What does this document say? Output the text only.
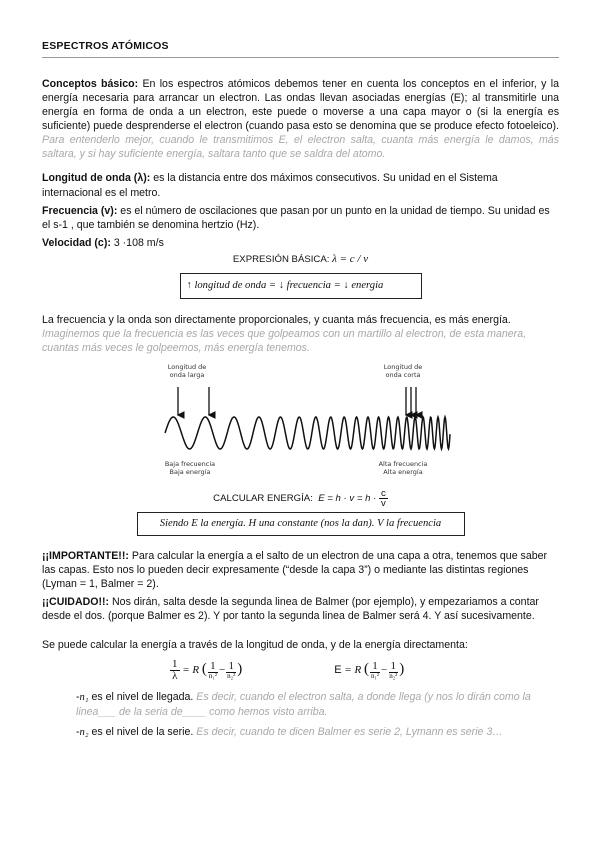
ESPECTROS ATÓMICOS

Conceptos básico: En los espectros atómicos debemos tener en cuenta los conceptos en el inferior, y la energía necesaria para arrancar un electron. Las ondas llevan asociadas energías (E); al transmitirle una energía en forma de onda a un electron, este puede o moverse a una capa mayor o (si la energía es suficiente) puede desprenderse el electron (cuando pasa esto se denomina que se produce efecto fotoeleico). Para entenderlo mejor, cuando le transmitimos E, el electron salta, cuanta más energía le damos, más saltara, y si hay suficiente energía, saltara tanto que se saldra del atomo.

Longitud de onda (λ): es la distancia entre dos máximos consecutivos. Su unidad en el Sistema internacional es el metro.

Frecuencia (v): es el número de oscilaciones que pasan por un punto en la unidad de tiempo. Su unidad es el s-1 , que también se denomina hertzio (Hz).

Velocidad (c): 3 ·108 m/s

EXPRESIÓN BÁSICA: λ = c / v

↑ longitud de onda = ↓ frecuencia = ↓ energia

La frecuencia y la onda son directamente proporcionales, y cuanta más frecuencia, es más energía.
Imaginemos que la frecuencia es las veces que golpeamos con un martillo al electron, de esta manera, cuantas más veces le golpeemos, más energía tenemos.

Longitud de onda larga
Longitud de onda corta
Baja frecuencia
Baja energía
Alta frecuencia
Alta energía
CALCULAR ENERGÍA:
E = h · v = h ·
$\frac{c}{v}$
Siendo E la energía. H una constante (nos la dan). V la frecuencia

¡¡IMPORTANTE!!: Para calcular la energía a el salto de un electron de una capa a otra, tenemos que saber las capas. Esto nos lo pueden decir expresamente (“desde la capa 3”) o mediante las distintas regiones (Lyman = 1, Balmer = 2).

¡¡CUIDADO!!: Nos dirán, salta desde la segunda linea de Balmer (por ejemplo), y empezariamos a contar desde el dos. (porque Balmer es 2). Y por tanto la segunda linea de Balmer será 4. Y así sucesivamente.

Se puede calcular la energía a través de la longitud de onda, y de la energía directamenta:

$\frac{1}{\lambda}$
= R
( $\frac{1}{\text{n₁²}} - \frac{1}{\text{n₂²}}$ )	E
= R
( $\frac{1}{\text{n₁²}} - \frac{1}{\text{n₂²}}$ )

-n₁ es el nivel de llegada. Es decir, cuando el electron salta, a donde llega (y nos lo dirán como la linea___ de la seria de____ como hemos visto arriba.

-n₂ es el nivel de la serie. Es decir, cuando te dicen Balmer es serie 2, Lymann es serie 3…
